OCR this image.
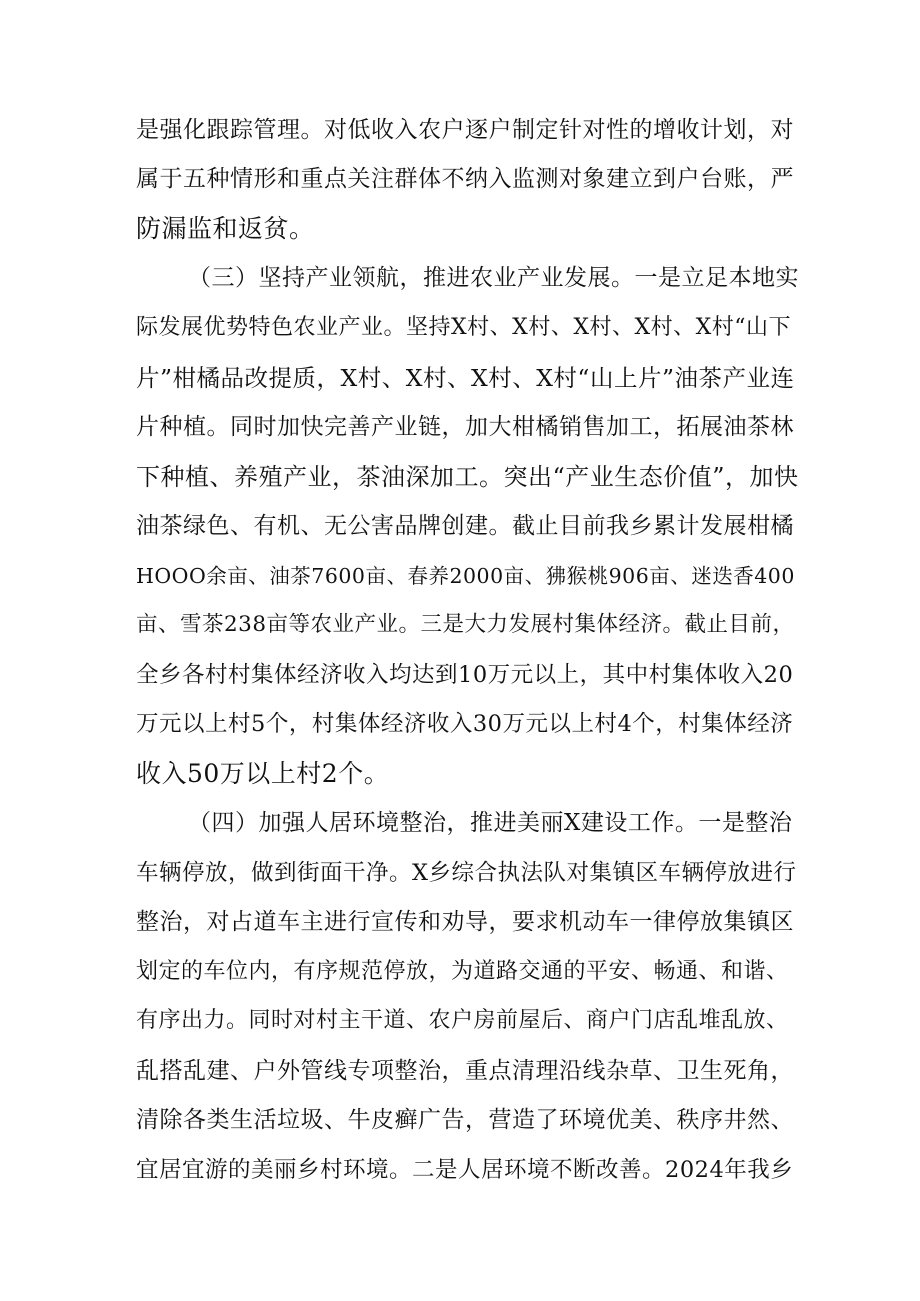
是强化跟踪管理。对低收入农户逐户制定针对性的增收计划，对
属于五种情形和重点关注群体不纳入监测对象建立到户台账，严
防漏监和返贫。
（三）坚持产业领航，推进农业产业发展。一是立足本地实
际发展优势特色农业产业。坚持X村、X村、X村、X村、X村“山下
片”柑橘品改提质，X村、X村、X村、X村“山上片”油茶产业连
片种植。同时加快完善产业链，加大柑橘销售加工，拓展油茶林
下种植、养殖产业，茶油深加工。突出“产业生态价值”，加快
油茶绿色、有机、无公害品牌创建。截止目前我乡累计发展柑橘
HOOO余亩、油茶7600亩、春养2000亩、狒猴桃906亩、迷迭香400
亩、雪茶238亩等农业产业。三是大力发展村集体经济。截止目前，
全乡各村村集体经济收入均达到10万元以上，其中村集体收入20
万元以上村5个，村集体经济收入30万元以上村4个，村集体经济
收入50万以上村2个。
（四）加强人居环境整治，推进美丽X建设工作。一是整治
车辆停放，做到街面干净。X乡综合执法队对集镇区车辆停放进行
整治，对占道车主进行宣传和劝导，要求机动车一律停放集镇区
划定的车位内，有序规范停放，为道路交通的平安、畅通、和谐、
有序出力。同时对村主干道、农户房前屋后、商户门店乱堆乱放、
乱搭乱建、户外管线专项整治，重点清理沿线杂草、卫生死角，
清除各类生活垃圾、牛皮癣广告，营造了环境优美、秩序井然、
宜居宜游的美丽乡村环境。二是人居环境不断改善。2024年我乡
